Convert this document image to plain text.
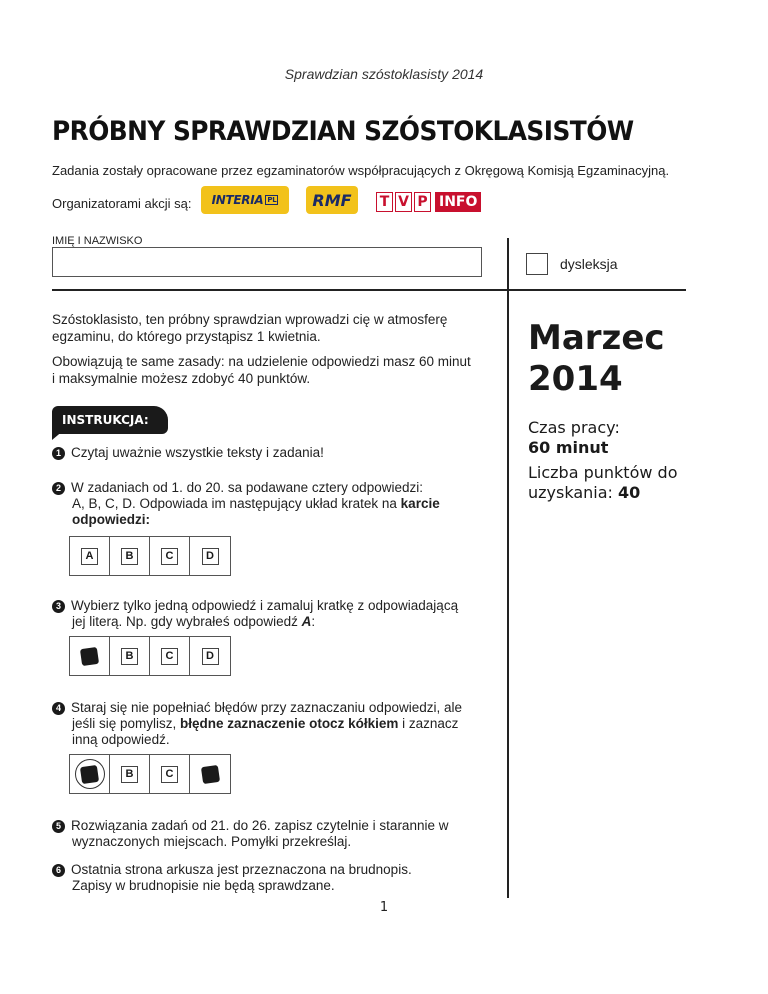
Sprawdzian szóstoklasisty 2014
PRÓBNY SPRAWDZIAN SZÓSTOKLASISTÓW
Zadania zostały opracowane przez egzaminatorów współpracujących z Okręgową Komisją Egzaminacyjną.
Organizatorami akcji są: INTERIA PL RMF T V P INFO
IMIĘ I NAZWISKO
dysleksja
Szóstoklasisto, ten próbny sprawdzian wprowadzi cię w atmosferę
egzaminu, do którego przystąpisz 1 kwietnia.
Obowiązują te same zasady: na udzielenie odpowiedzi masz 60 minut
i maksymalnie możesz zdobyć 40 punktów.
Marzec
2014
Czas pracy:
60 minut
Liczba punktów do
uzyskania: 40
INSTRUKCJA:
1 Czytaj uważnie wszystkie teksty i zadania!
2 W zadaniach od 1. do 20. sa podawane cztery odpowiedzi:
A, B, C, D. Odpowiada im następujący układ kratek na karcie
odpowiedzi:
A	B	C	D
3 Wybierz tylko jedną odpowiedź i zamaluj kratkę z odpowiadającą
jej literą. Np. gdy wybrałeś odpowiedź A:
B	C	D
4 Staraj się nie popełniać błędów przy zaznaczaniu odpowiedzi, ale
jeśli się pomylisz, błędne zaznaczenie otocz kółkiem i zaznacz
inną odpowiedź.
B	C
5 Rozwiązania zadań od 21. do 26. zapisz czytelnie i starannie w
wyznaczonych miejscach. Pomyłki przekreślaj.
6 Ostatnia strona arkusza jest przeznaczona na brudnopis.
Zapisy w brudnopisie nie będą sprawdzane.
1
